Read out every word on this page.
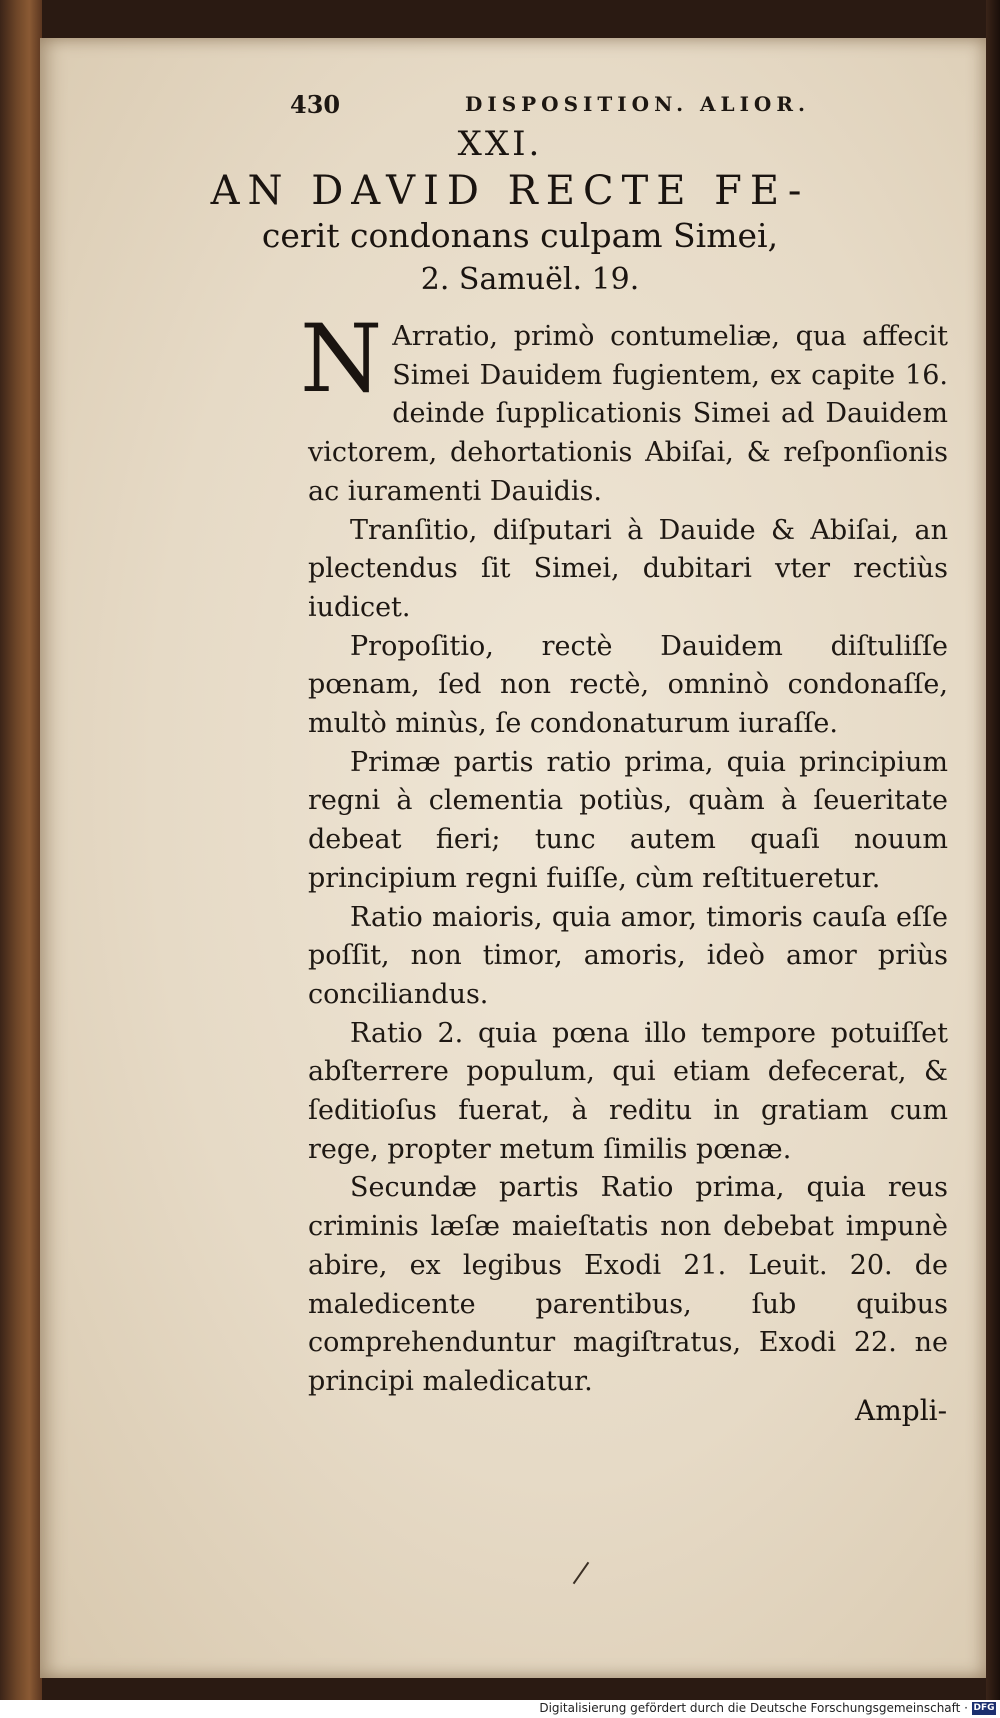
430	DISPOSITION. ALIOR.
XXI.
AN DAVID RECTE FE-
cerit condonans culpam Simei,
2. Samuël. 19.

N Arratio, primò contumeliæ, qua affecit Simei Dauidem fugientem, ex capite 16. deinde ſupplicationis Simei ad Dauidem victorem, dehortationis Abiſai, & reſponſionis ac iuramenti Dauidis.

Tranſitio, diſputari à Dauide & Abiſai, an plectendus ſit Simei, dubitari vter rectiùs iudicet.

Propoſitio, rectè Dauidem diſtuliſſe pœnam, ſed non rectè, omninò condonaſſe, multò minùs, ſe condonaturum iuraſſe.

Primæ partis ratio prima, quia principium regni à clementia potiùs, quàm à ſeueritate debeat fieri; tunc autem quaſi nouum principium regni fuiſſe, cùm reſtitueretur.

Ratio maioris, quia amor, timoris cauſa eſſe poſſit, non timor, amoris, ideò amor priùs conciliandus.

Ratio 2. quia pœna illo tempore potuiſſet abſterrere populum, qui etiam defecerat, & ſeditioſus fuerat, à reditu in gratiam cum rege, propter metum ſimilis pœnæ.

Secundæ partis Ratio prima, quia reus criminis læſæ maieſtatis non debebat impunè abire, ex legibus Exodi 21. Leuit. 20. de maledicente parentibus, ſub quibus comprehenduntur magiſtratus, Exodi 22. ne principi maledicatur.

Ampli-
Digitalisierung gefördert durch die Deutsche Forschungsgemeinschaft · DFG
